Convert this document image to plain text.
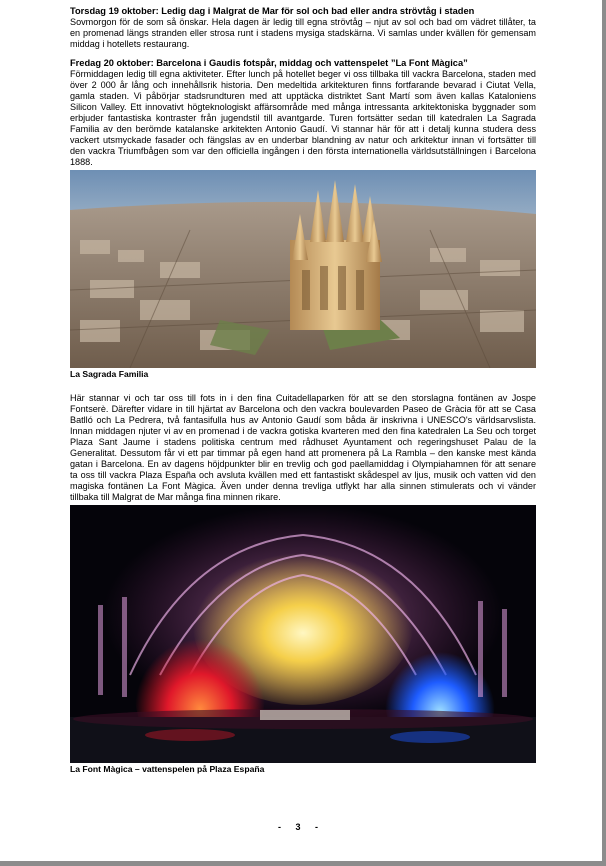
Torsdag 19 oktober: Ledig dag i Malgrat de Mar för sol och bad eller andra strövtåg i staden

Sovmorgon för de som så önskar. Hela dagen är ledig till egna strövtåg – njut av sol och bad om vädret tillåter, ta en promenad längs stranden eller strosa runt i stadens mysiga stadskärna. Vi samlas under kvällen för gemensam middag i hotellets restaurang.

Fredag 20 oktober: Barcelona i Gaudis fotspår, middag och vattenspelet ”La Font Màgica”

Förmiddagen ledig till egna aktiviteter. Efter lunch på hotellet beger vi oss tillbaka till vackra Barcelona, staden med över 2 000 år lång och innehållsrik historia. Den medeltida arkitekturen finns fortfarande bevarad i Ciutat Vella, gamla staden. Vi påbörjar stadsrundturen med att upptäcka distriktet Sant Martí som även kallas Kataloniens Silicon Valley. Ett innovativt högteknologiskt affärsområde med många intressanta arkitektoniska byggnader som erbjuder fantastiska kontraster från jugendstil till avantgarde. Turen fortsätter sedan till katedralen La Sagrada Familia av den berömde katalanske arkitekten Antonio Gaudí. Vi stannar här för att i detalj kunna studera dess vackert utsmyckade fasader och fängslas av en underbar blandning av natur och arkitektur innan vi fortsätter till den vackra Triumfbågen som var den officiella ingången i den första internationella världsutställningen i Barcelona 1888.

La Sagrada Familia

Här stannar vi och tar oss till fots in i den fina Cuitadellaparken för att se den storslagna fontänen av Jospe Fontserè. Därefter vidare in till hjärtat av Barcelona och den vackra boulevarden Paseo de Gràcia för att se Casa Batlló och La Pedrera, två fantasifulla hus av Antonio Gaudí som båda är inskrivna i UNESCO's världsarvslista. Innan middagen njuter vi av en promenad i de vackra gotiska kvarteren med den fina katedralen La Seu och torget Plaza Sant Jaume i stadens politiska centrum med rådhuset Ayuntament och regeringshuset Palau de la Generalitat. Dessutom får vi ett par timmar på egen hand att promenera på La Rambla – den kanske mest kända gatan i Barcelona. En av dagens höjdpunkter blir en trevlig och god paellamiddag i Olympiahamnen för att senare ta oss till vackra Plaza España och avsluta kvällen med ett fantastiskt skådespel av ljus, musik och vatten vid den magiska fontänen La Font Màgica. Även under denna trevliga utflykt har alla sinnen stimulerats och vi vänder tillbaka till Malgrat de Mar många fina minnen rikare.

La Font Màgica – vattenspelen på Plaza España
- 3 -
